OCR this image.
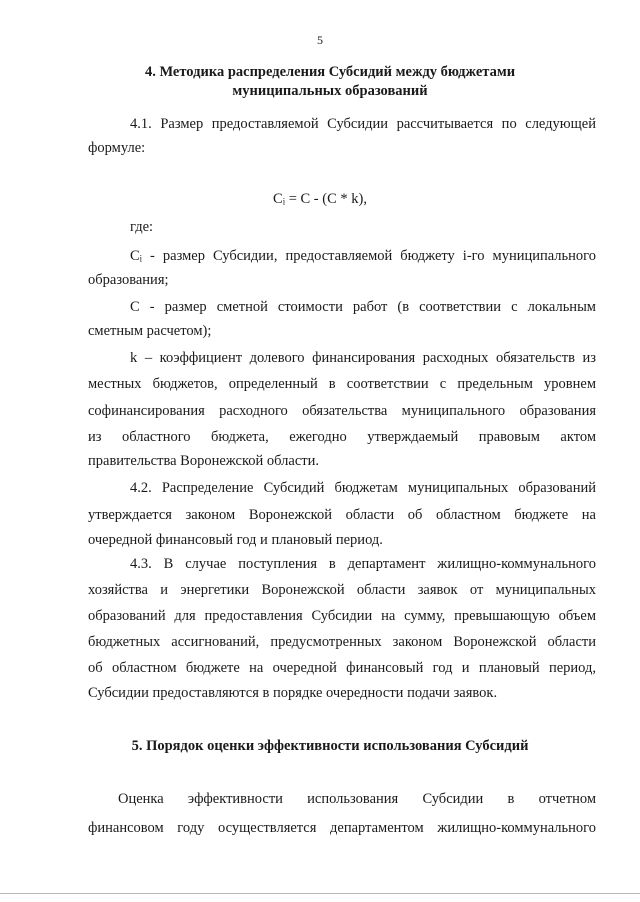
5
4. Методика распределения Субсидий между бюджетами
муниципальных образований
4.1. Размер предоставляемой Субсидии рассчитывается по следующей
формуле:
Cᵢ = C - (C * k),
где:
Cᵢ - размер Субсидии, предоставляемой бюджету i-го муниципального
образования;
С - размер сметной стоимости работ (в соответствии с локальным
сметным расчетом);
k – коэффициент долевого финансирования расходных обязательств из
местных бюджетов, определенный в соответствии с предельным уровнем
софинансирования расходного обязательства муниципального образования
из областного бюджета, ежегодно утверждаемый правовым актом
правительства Воронежской области.
4.2. Распределение Субсидий бюджетам муниципальных образований
утверждается законом Воронежской области об областном бюджете на
очередной финансовый год и плановый период.
4.3. В случае поступления в департамент жилищно-коммунального
хозяйства и энергетики Воронежской области заявок от муниципальных
образований для предоставления Субсидии на сумму, превышающую объем
бюджетных ассигнований, предусмотренных законом Воронежской области
об областном бюджете на очередной финансовый год и плановый период,
Субсидии предоставляются в порядке очередности подачи заявок.
5. Порядок оценки эффективности использования Субсидий
Оценка эффективности использования Субсидии в отчетном
финансовом году осуществляется департаментом жилищно-коммунального
